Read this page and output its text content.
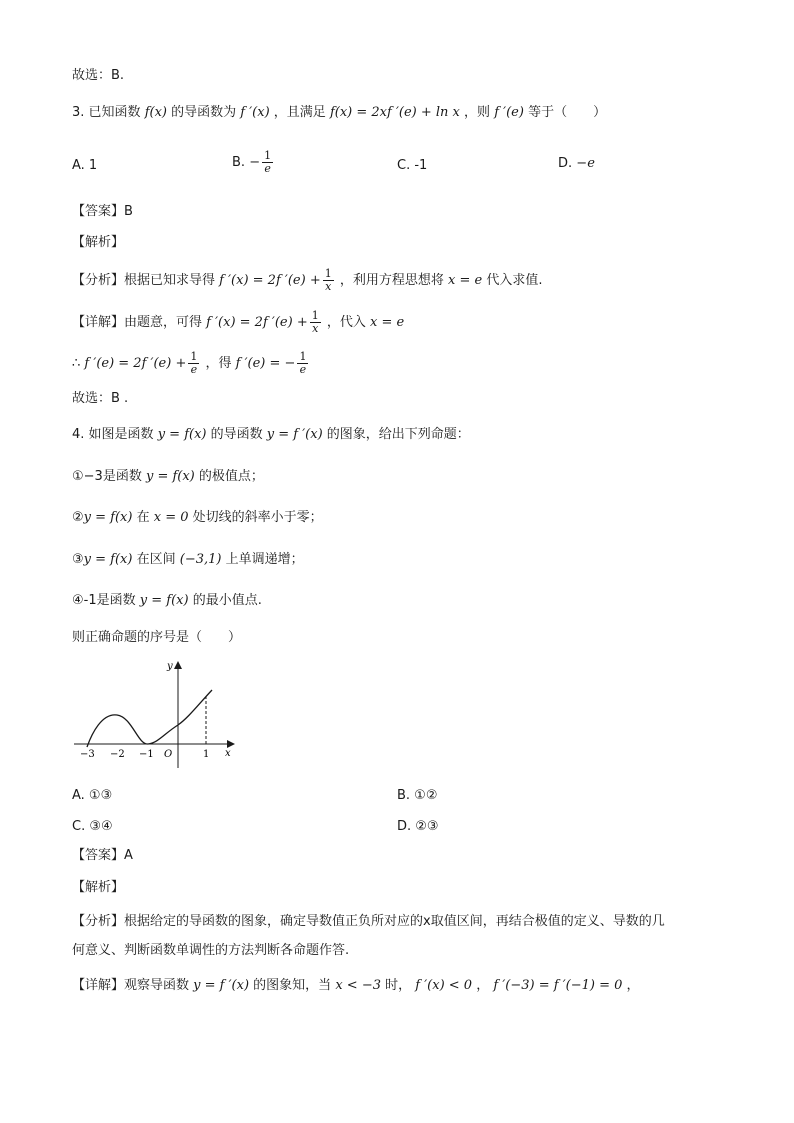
故选：B.
3. 已知函数 f(x) 的导函数为 f ′(x) ，且满足 f(x) = 2xf ′(e) + ln x ，则 f ′(e) 等于（　　）
A. 1	B. − $\frac{1}{e}$	C. -1	D. −e
【答案】B
【解析】
【分析】根据已知求导得 f ′(x) = 2f $'(e) + \frac{1}{x}$ ，利用方程思想将 x = e 代入求值.
【详解】由题意，可得 f ′(x) = 2f $'(e) + \frac{1}{x}$ ，代入 x = e
∴ f ′(e) = 2f $'(e) + \frac{1}{e}$ ，得 f ′(e) = − $\frac{1}{e}$
故选：B .
4. 如图是函数 y = f(x) 的导函数 y = f ′(x) 的图象，给出下列命题：
①−3是函数 y = f(x) 的极值点；
②y = f(x) 在 x = 0 处切线的斜率小于零；
③y = f(x) 在区间 (−3,1) 上单调递增；
④-1是函数 y = f(x) 的最小值点.
则正确命题的序号是（　　）
y
x
O
−3 −2 −1	1
A. ①③	B. ①②
C. ③④	D. ②③
【答案】A
【解析】
【分析】根据给定的导函数的图象，确定导数值正负所对应的x取值区间，再结合极值的定义、导数的几
何意义、判断函数单调性的方法判断各命题作答.
【详解】观察导函数 y = f ′(x) 的图象知，当 x < −3 时， f ′(x) < 0 ， f ′(−3) = f ′(−1) = 0 ，
